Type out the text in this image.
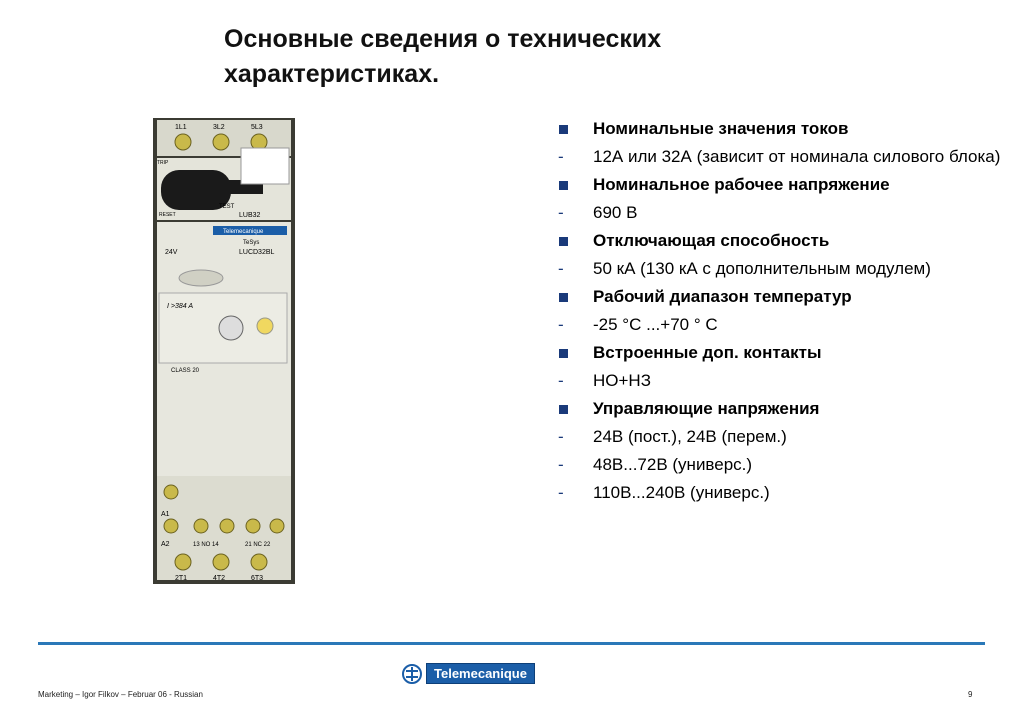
Основные сведения о технических характеристиках.
1L1	3L2	5L3
TEST
RESET
TRIP
LUB32
Telemecanique
TeSys
LUCD32BL
24V
I >384 A
CLASS 20
A1
A2	13 NO 14	21 NC 22
2T1	4T2	6T3
Номинальные значения токов
-	12А или 32А (зависит от номинала силового блока)
Номинальное рабочее напряжение
-	690 В
Отключающая способность
-	50 кА (130 кА с дополнительным модулем)
Рабочий диапазон температур
-	-25 °C ...+70 ° C
Встроенные доп. контакты
-	НО+НЗ
Управляющие напряжения
-	24В (пост.), 24В (перем.)
-	48В...72В (универс.)
-	110В...240В (универс.)
Telemecanique
Marketing – Igor Filkov – Februar 06 - Russian	9
